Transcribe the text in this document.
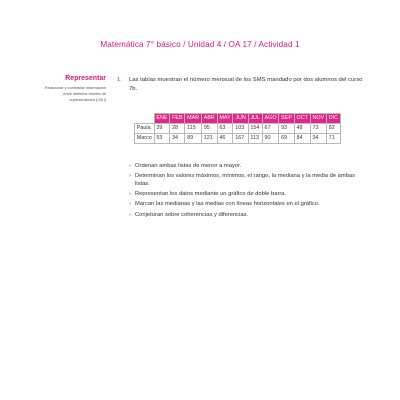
Matemática 7° básico / Unidad 4 / OA 17 / Actividad 1
Representar
Relacionar y contrastar información entre distintos niveles de representación (OA i)
1.	Las tablas muestran el número mensual de los SMS mandado por dos alumnos del curso 7b.
	ENE	FEB	MAR	ABR	MAY	JUN	JUL	AGO	SEP	OCT	NOV	DIC
Paula	39	28	115	95	63	103	154	67	93	48	73	82
Marco	53	34	89	121	46	167	113	90	69	84	34	71
› Ordenan ambas listas de menor a mayor.
› Determinan los valores máximos, mínimos, el rango, la mediana y la media de ambas listas.
› Representan los datos mediante un gráfico de doble barra.
› Marcan las medianas y las medias con líneas horizontales en el gráfico.
› Conjeturan sobre coherencias y diferencias.
